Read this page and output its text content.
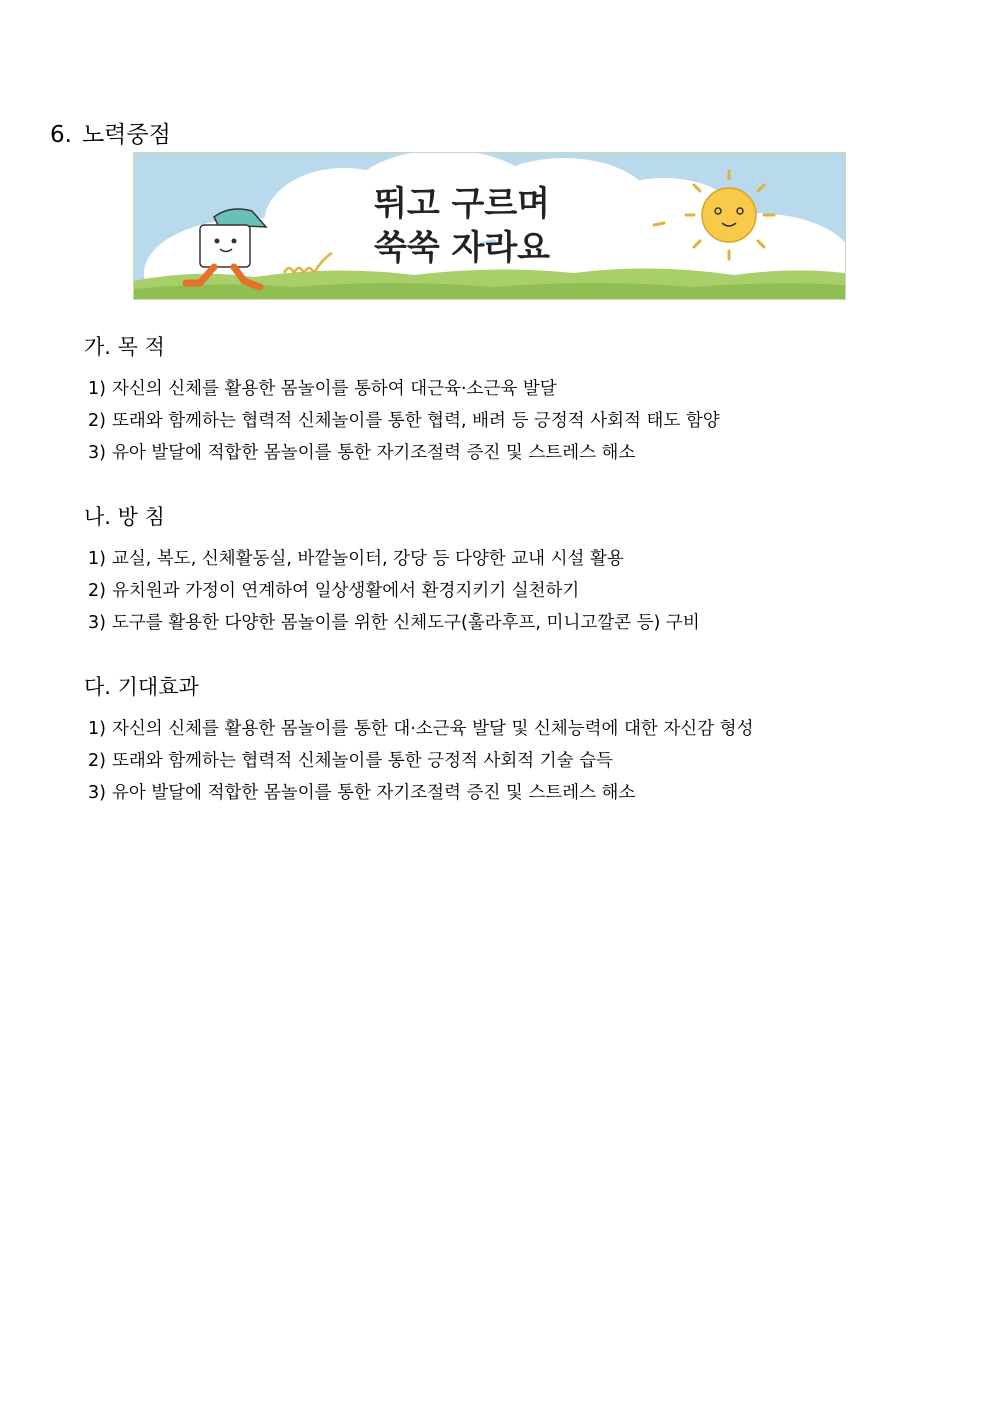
6. 노력중점
뛰고 구르며
쑥쑥 자라요
가. 목 적
1) 자신의 신체를 활용한 몸놀이를 통하여 대근육·소근육 발달
2) 또래와 함께하는 협력적 신체놀이를 통한 협력, 배려 등 긍정적 사회적 태도 함양
3) 유아 발달에 적합한 몸놀이를 통한 자기조절력 증진 및 스트레스 해소
나. 방 침
1) 교실, 복도, 신체활동실, 바깥놀이터, 강당 등 다양한 교내 시설 활용
2) 유치원과 가정이 연계하여 일상생활에서 환경지키기 실천하기
3) 도구를 활용한 다양한 몸놀이를 위한 신체도구(훌라후프, 미니고깔콘 등) 구비
다. 기대효과
1) 자신의 신체를 활용한 몸놀이를 통한 대·소근육 발달 및 신체능력에 대한 자신감 형성
2) 또래와 함께하는 협력적 신체놀이를 통한 긍정적 사회적 기술 습득
3) 유아 발달에 적합한 몸놀이를 통한 자기조절력 증진 및 스트레스 해소
